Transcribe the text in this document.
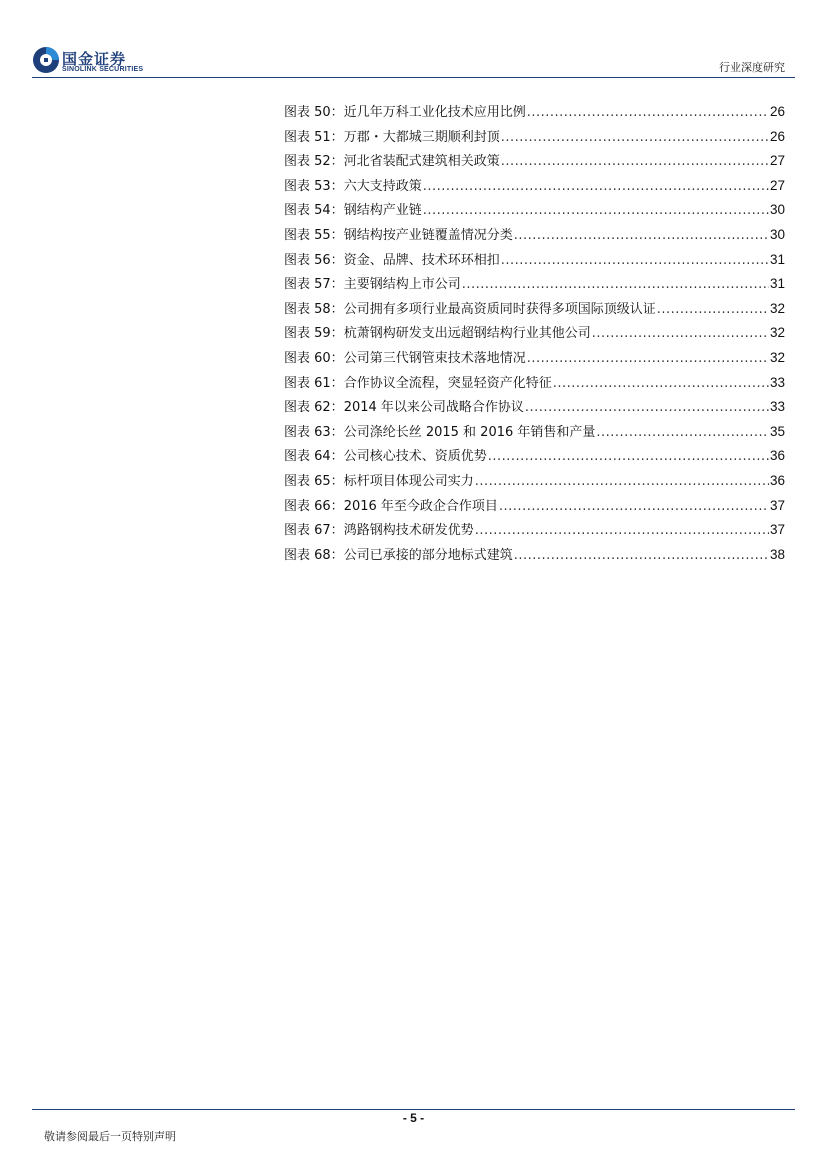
国金证券
SINOLINK SECURITIES	行业深度研究
图表 50： 近几年万科工业化技术应用比例 .....	26
图表 51： 万郡・大都城三期顺利封顶 .....	26
图表 52： 河北省装配式建筑相关政策 .....	27
图表 53： 六大支持政策 .....	27
图表 54： 钢结构产业链 .....	30
图表 55： 钢结构按产业链覆盖情况分类 .....	30
图表 56： 资金、品牌、技术环环相扣 .....	31
图表 57： 主要钢结构上市公司 .....	31
图表 58： 公司拥有多项行业最高资质同时获得多项国际顶级认证 .....	32
图表 59： 杭萧钢构研发支出远超钢结构行业其他公司 .....	32
图表 60： 公司第三代钢管束技术落地情况 .....	32
图表 61： 合作协议全流程，突显轻资产化特征 .....	33
图表 62： 2014 年以来公司战略合作协议 .....	33
图表 63： 公司涤纶长丝 2015 和 2016 年销售和产量 .....	35
图表 64： 公司核心技术、资质优势 .....	36
图表 65： 标杆项目体现公司实力 .....	36
图表 66： 2016 年至今政企合作项目 .....	37
图表 67： 鸿路钢构技术研发优势 .....	37
图表 68： 公司已承接的部分地标式建筑 .....	38
- 5 -
敬请参阅最后一页特别声明
